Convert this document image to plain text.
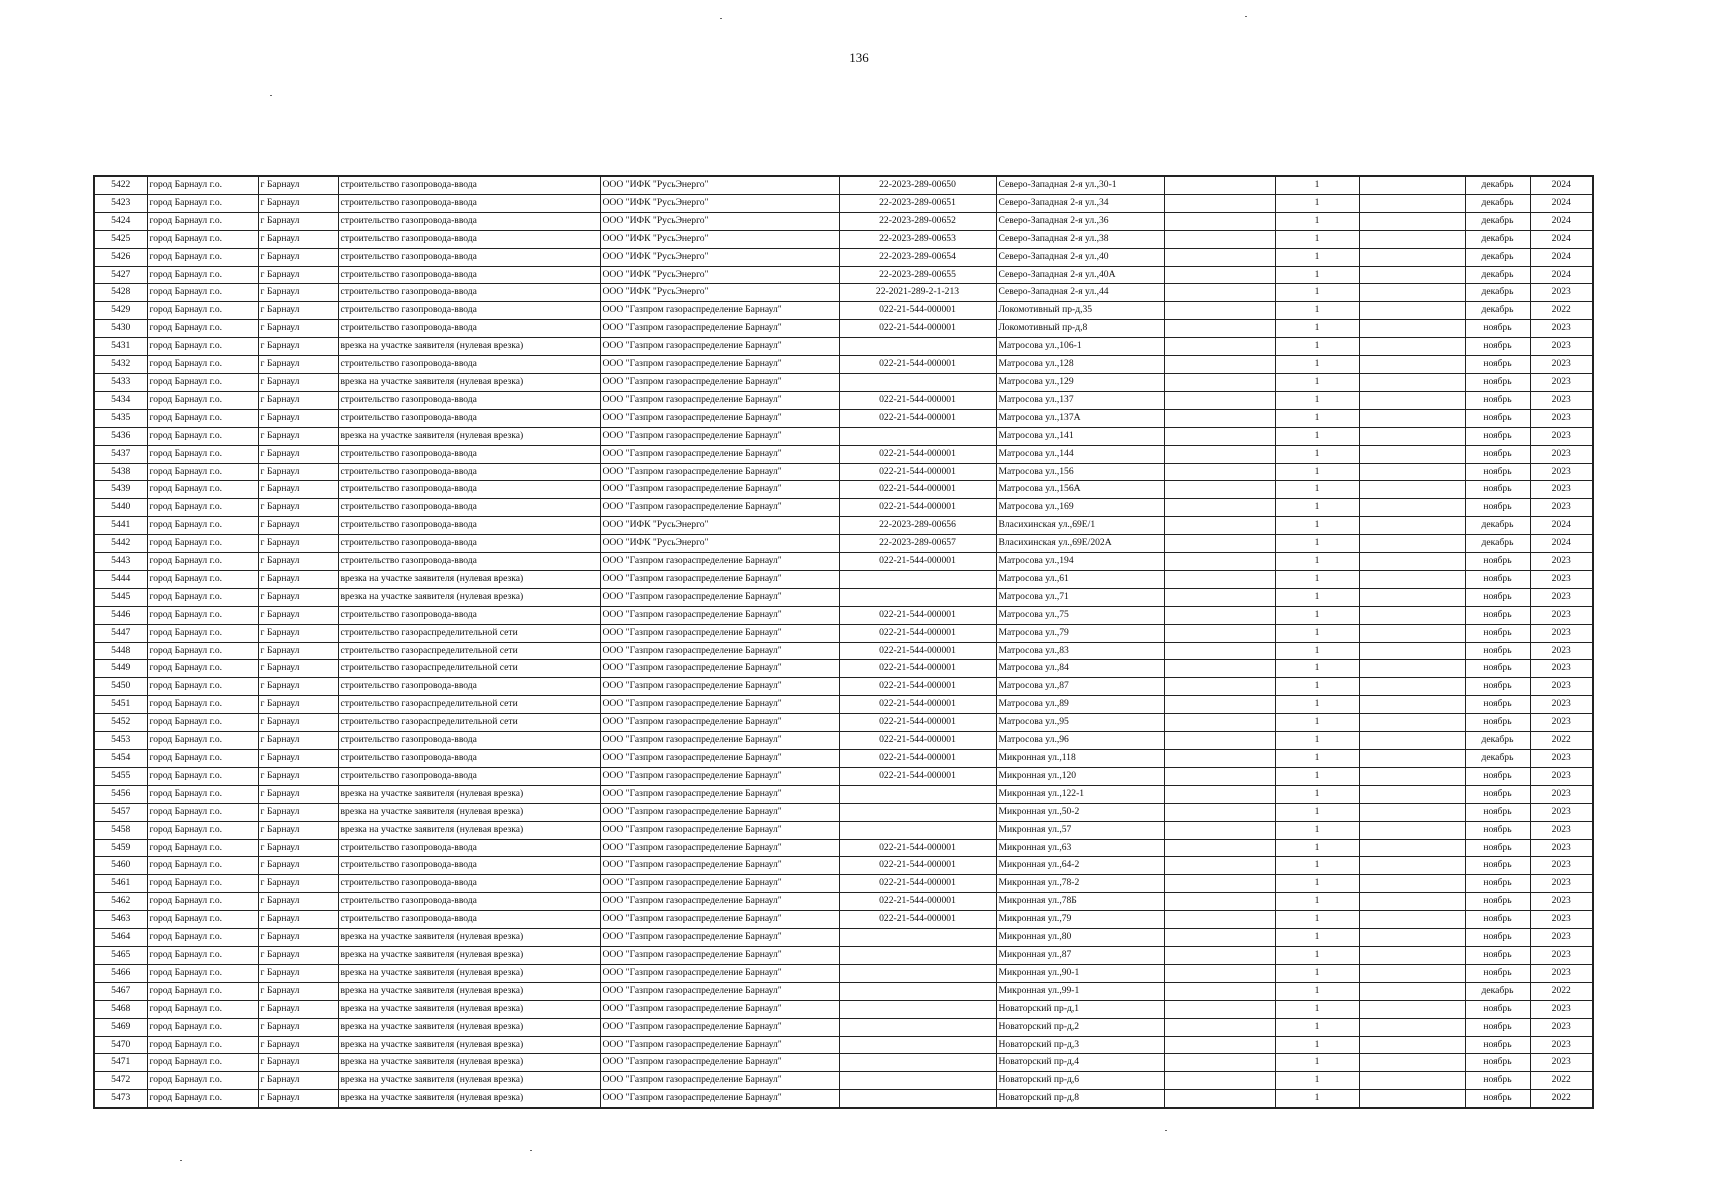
136
5422	город Барнаул г.о.	г Барнаул	строительство газопровода-ввода	ООО "ИФК "РусьЭнерго"	22-2023-289-00650	Северо-Западная 2-я ул.,30-1		1		декабрь	2024
5423	город Барнаул г.о.	г Барнаул	строительство газопровода-ввода	ООО "ИФК "РусьЭнерго"	22-2023-289-00651	Северо-Западная 2-я ул.,34		1		декабрь	2024
5424	город Барнаул г.о.	г Барнаул	строительство газопровода-ввода	ООО "ИФК "РусьЭнерго"	22-2023-289-00652	Северо-Западная 2-я ул.,36		1		декабрь	2024
5425	город Барнаул г.о.	г Барнаул	строительство газопровода-ввода	ООО "ИФК "РусьЭнерго"	22-2023-289-00653	Северо-Западная 2-я ул.,38		1		декабрь	2024
5426	город Барнаул г.о.	г Барнаул	строительство газопровода-ввода	ООО "ИФК "РусьЭнерго"	22-2023-289-00654	Северо-Западная 2-я ул.,40		1		декабрь	2024
5427	город Барнаул г.о.	г Барнаул	строительство газопровода-ввода	ООО "ИФК "РусьЭнерго"	22-2023-289-00655	Северо-Западная 2-я ул.,40А		1		декабрь	2024
5428	город Барнаул г.о.	г Барнаул	строительство газопровода-ввода	ООО "ИФК "РусьЭнерго"	22-2021-289-2-1-213	Северо-Западная 2-я ул.,44		1		декабрь	2023
5429	город Барнаул г.о.	г Барнаул	строительство газопровода-ввода	ООО "Газпром газораспределение Барнаул"	022-21-544-000001	Локомотивный пр-д,35		1		декабрь	2022
5430	город Барнаул г.о.	г Барнаул	строительство газопровода-ввода	ООО "Газпром газораспределение Барнаул"	022-21-544-000001	Локомотивный пр-д,8		1		ноябрь	2023
5431	город Барнаул г.о.	г Барнаул	врезка на участке заявителя (нулевая врезка)	ООО "Газпром газораспределение Барнаул"		Матросова ул.,106-1		1		ноябрь	2023
5432	город Барнаул г.о.	г Барнаул	строительство газопровода-ввода	ООО "Газпром газораспределение Барнаул"	022-21-544-000001	Матросова ул.,128		1		ноябрь	2023
5433	город Барнаул г.о.	г Барнаул	врезка на участке заявителя (нулевая врезка)	ООО "Газпром газораспределение Барнаул"		Матросова ул.,129		1		ноябрь	2023
5434	город Барнаул г.о.	г Барнаул	строительство газопровода-ввода	ООО "Газпром газораспределение Барнаул"	022-21-544-000001	Матросова ул.,137		1		ноябрь	2023
5435	город Барнаул г.о.	г Барнаул	строительство газопровода-ввода	ООО "Газпром газораспределение Барнаул"	022-21-544-000001	Матросова ул.,137А		1		ноябрь	2023
5436	город Барнаул г.о.	г Барнаул	врезка на участке заявителя (нулевая врезка)	ООО "Газпром газораспределение Барнаул"		Матросова ул.,141		1		ноябрь	2023
5437	город Барнаул г.о.	г Барнаул	строительство газопровода-ввода	ООО "Газпром газораспределение Барнаул"	022-21-544-000001	Матросова ул.,144		1		ноябрь	2023
5438	город Барнаул г.о.	г Барнаул	строительство газопровода-ввода	ООО "Газпром газораспределение Барнаул"	022-21-544-000001	Матросова ул.,156		1		ноябрь	2023
5439	город Барнаул г.о.	г Барнаул	строительство газопровода-ввода	ООО "Газпром газораспределение Барнаул"	022-21-544-000001	Матросова ул.,156А		1		ноябрь	2023
5440	город Барнаул г.о.	г Барнаул	строительство газопровода-ввода	ООО "Газпром газораспределение Барнаул"	022-21-544-000001	Матросова ул.,169		1		ноябрь	2023
5441	город Барнаул г.о.	г Барнаул	строительство газопровода-ввода	ООО "ИФК "РусьЭнерго"	22-2023-289-00656	Власихинская ул.,69Е/1		1		декабрь	2024
5442	город Барнаул г.о.	г Барнаул	строительство газопровода-ввода	ООО "ИФК "РусьЭнерго"	22-2023-289-00657	Власихинская ул.,69Е/202А		1		декабрь	2024
5443	город Барнаул г.о.	г Барнаул	строительство газопровода-ввода	ООО "Газпром газораспределение Барнаул"	022-21-544-000001	Матросова ул.,194		1		ноябрь	2023
5444	город Барнаул г.о.	г Барнаул	врезка на участке заявителя (нулевая врезка)	ООО "Газпром газораспределение Барнаул"		Матросова ул.,61		1		ноябрь	2023
5445	город Барнаул г.о.	г Барнаул	врезка на участке заявителя (нулевая врезка)	ООО "Газпром газораспределение Барнаул"		Матросова ул.,71		1		ноябрь	2023
5446	город Барнаул г.о.	г Барнаул	строительство газопровода-ввода	ООО "Газпром газораспределение Барнаул"	022-21-544-000001	Матросова ул.,75		1		ноябрь	2023
5447	город Барнаул г.о.	г Барнаул	строительство газораспределительной сети	ООО "Газпром газораспределение Барнаул"	022-21-544-000001	Матросова ул.,79		1		ноябрь	2023
5448	город Барнаул г.о.	г Барнаул	строительство газораспределительной сети	ООО "Газпром газораспределение Барнаул"	022-21-544-000001	Матросова ул.,83		1		ноябрь	2023
5449	город Барнаул г.о.	г Барнаул	строительство газораспределительной сети	ООО "Газпром газораспределение Барнаул"	022-21-544-000001	Матросова ул.,84		1		ноябрь	2023
5450	город Барнаул г.о.	г Барнаул	строительство газопровода-ввода	ООО "Газпром газораспределение Барнаул"	022-21-544-000001	Матросова ул.,87		1		ноябрь	2023
5451	город Барнаул г.о.	г Барнаул	строительство газораспределительной сети	ООО "Газпром газораспределение Барнаул"	022-21-544-000001	Матросова ул.,89		1		ноябрь	2023
5452	город Барнаул г.о.	г Барнаул	строительство газораспределительной сети	ООО "Газпром газораспределение Барнаул"	022-21-544-000001	Матросова ул.,95		1		ноябрь	2023
5453	город Барнаул г.о.	г Барнаул	строительство газопровода-ввода	ООО "Газпром газораспределение Барнаул"	022-21-544-000001	Матросова ул.,96		1		декабрь	2022
5454	город Барнаул г.о.	г Барнаул	строительство газопровода-ввода	ООО "Газпром газораспределение Барнаул"	022-21-544-000001	Микронная ул.,118		1		декабрь	2023
5455	город Барнаул г.о.	г Барнаул	строительство газопровода-ввода	ООО "Газпром газораспределение Барнаул"	022-21-544-000001	Микронная ул.,120		1		ноябрь	2023
5456	город Барнаул г.о.	г Барнаул	врезка на участке заявителя (нулевая врезка)	ООО "Газпром газораспределение Барнаул"		Микронная ул.,122-1		1		ноябрь	2023
5457	город Барнаул г.о.	г Барнаул	врезка на участке заявителя (нулевая врезка)	ООО "Газпром газораспределение Барнаул"		Микронная ул.,50-2		1		ноябрь	2023
5458	город Барнаул г.о.	г Барнаул	врезка на участке заявителя (нулевая врезка)	ООО "Газпром газораспределение Барнаул"		Микронная ул.,57		1		ноябрь	2023
5459	город Барнаул г.о.	г Барнаул	строительство газопровода-ввода	ООО "Газпром газораспределение Барнаул"	022-21-544-000001	Микронная ул.,63		1		ноябрь	2023
5460	город Барнаул г.о.	г Барнаул	строительство газопровода-ввода	ООО "Газпром газораспределение Барнаул"	022-21-544-000001	Микронная ул.,64-2		1		ноябрь	2023
5461	город Барнаул г.о.	г Барнаул	строительство газопровода-ввода	ООО "Газпром газораспределение Барнаул"	022-21-544-000001	Микронная ул.,78-2		1		ноябрь	2023
5462	город Барнаул г.о.	г Барнаул	строительство газопровода-ввода	ООО "Газпром газораспределение Барнаул"	022-21-544-000001	Микронная ул.,78Б		1		ноябрь	2023
5463	город Барнаул г.о.	г Барнаул	строительство газопровода-ввода	ООО "Газпром газораспределение Барнаул"	022-21-544-000001	Микронная ул.,79		1		ноябрь	2023
5464	город Барнаул г.о.	г Барнаул	врезка на участке заявителя (нулевая врезка)	ООО "Газпром газораспределение Барнаул"		Микронная ул.,80		1		ноябрь	2023
5465	город Барнаул г.о.	г Барнаул	врезка на участке заявителя (нулевая врезка)	ООО "Газпром газораспределение Барнаул"		Микронная ул.,87		1		ноябрь	2023
5466	город Барнаул г.о.	г Барнаул	врезка на участке заявителя (нулевая врезка)	ООО "Газпром газораспределение Барнаул"		Микронная ул.,90-1		1		ноябрь	2023
5467	город Барнаул г.о.	г Барнаул	врезка на участке заявителя (нулевая врезка)	ООО "Газпром газораспределение Барнаул"		Микронная ул.,99-1		1		декабрь	2022
5468	город Барнаул г.о.	г Барнаул	врезка на участке заявителя (нулевая врезка)	ООО "Газпром газораспределение Барнаул"		Новаторский пр-д,1		1		ноябрь	2023
5469	город Барнаул г.о.	г Барнаул	врезка на участке заявителя (нулевая врезка)	ООО "Газпром газораспределение Барнаул"		Новаторский пр-д,2		1		ноябрь	2023
5470	город Барнаул г.о.	г Барнаул	врезка на участке заявителя (нулевая врезка)	ООО "Газпром газораспределение Барнаул"		Новаторский пр-д,3		1		ноябрь	2023
5471	город Барнаул г.о.	г Барнаул	врезка на участке заявителя (нулевая врезка)	ООО "Газпром газораспределение Барнаул"		Новаторский пр-д,4		1		ноябрь	2023
5472	город Барнаул г.о.	г Барнаул	врезка на участке заявителя (нулевая врезка)	ООО "Газпром газораспределение Барнаул"		Новаторский пр-д,6		1		ноябрь	2022
5473	город Барнаул г.о.	г Барнаул	врезка на участке заявителя (нулевая врезка)	ООО "Газпром газораспределение Барнаул"		Новаторский пр-д,8		1		ноябрь	2022
